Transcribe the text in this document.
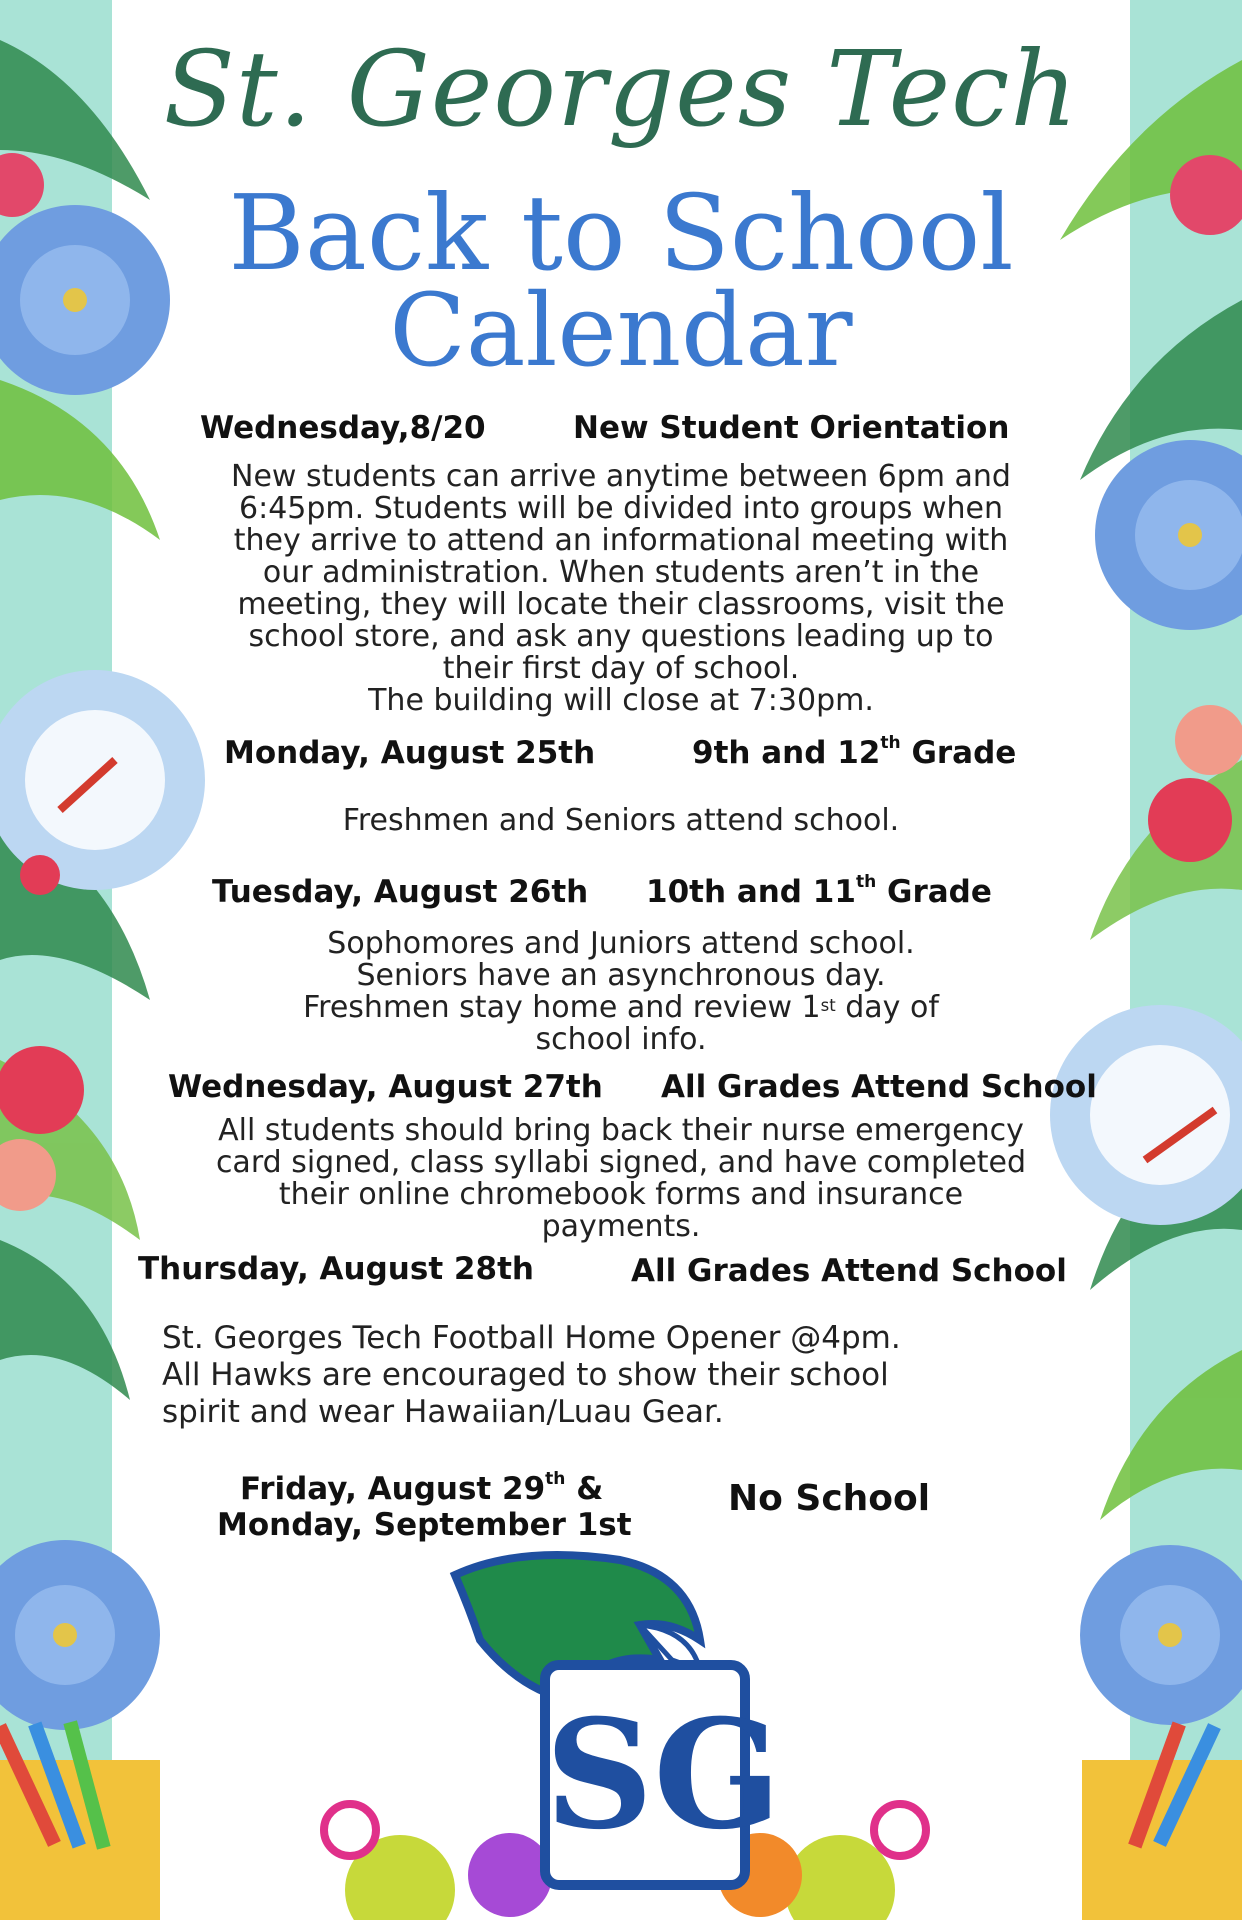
St. Georges Tech
Back to School
Calendar
Wednesday,8/20	New Student Orientation
New students can arrive anytime between 6pm and
6:45pm. Students will be divided into groups when
they arrive to attend an informational meeting with
our administration. When students aren’t in the
meeting, they will locate their classrooms, visit the
school store, and ask any questions leading up to
their first day of school.
The building will close at 7:30pm.
Monday, August 25th	9th and 12th Grade
Freshmen and Seniors attend school.
Tuesday, August 26th 10th and 11th Grade
Sophomores and Juniors attend school.
Seniors have an asynchronous day.
Freshmen stay home and review 1st day of
school info.
Wednesday, August 27th All Grades Attend School
All students should bring back their nurse emergency
card signed, class syllabi signed, and have completed
their online chromebook forms and insurance
payments.
Thursday, August 28th	All Grades Attend School
St. Georges Tech Football Home Opener @4pm.
All Hawks are encouraged to show their school
spirit and wear Hawaiian/Luau Gear.
Friday, August 29th &
Monday, September 1st
No School
SG
